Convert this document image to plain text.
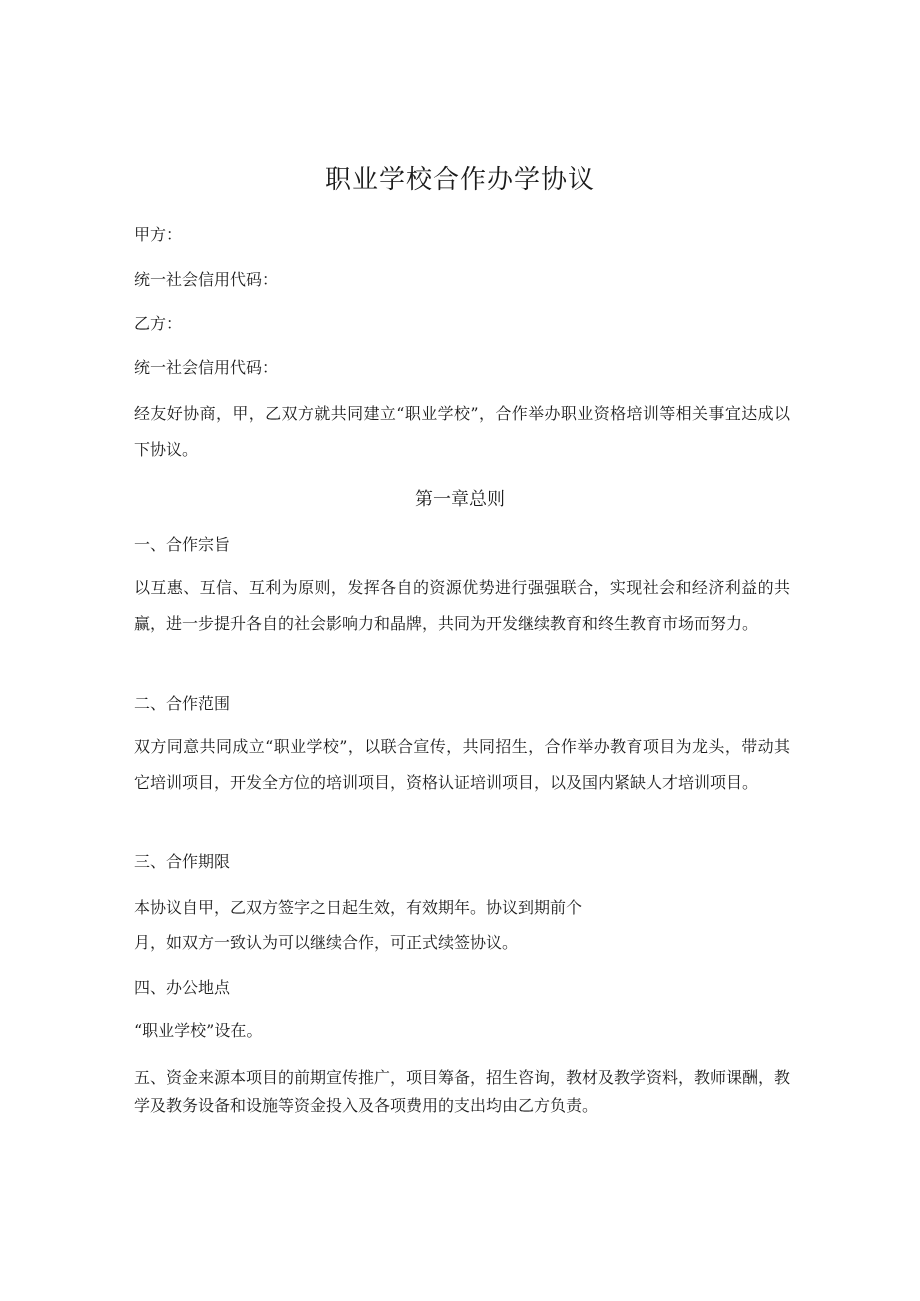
职业学校合作办学协议
甲方：
统一社会信用代码：
乙方：
统一社会信用代码：
经友好协商，甲，乙双方就共同建立“职业学校”，合作举办职业资格培训等相关事宜达成以下协议。
第一章总则
一、合作宗旨
以互惠、互信、互利为原则，发挥各自的资源优势进行强强联合，实现社会和经济利益的共赢，进一步提升各自的社会影响力和晶牌，共同为开发继续教育和终生教育市场而努力。
二、合作范围
双方同意共同成立“职业学校”，以联合宣传，共同招生，合作举办教育项目为龙头，带动其它培训项目，开发全方位的培训项目，资格认证培训项目，以及国内紧缺人才培训项目。
三、合作期限
本协议自甲，乙双方签字之日起生效，有效期年。协议到期前个
月，如双方一致认为可以继续合作，可正式续签协议。
四、办公地点
“职业学校”设在。
五、资金来源本项目的前期宣传推广，项目筹备，招生咨询，教材及教学资料，教师课酬，教学及教务设备和设施等资金投入及各项费用的支出均由乙方负责。
